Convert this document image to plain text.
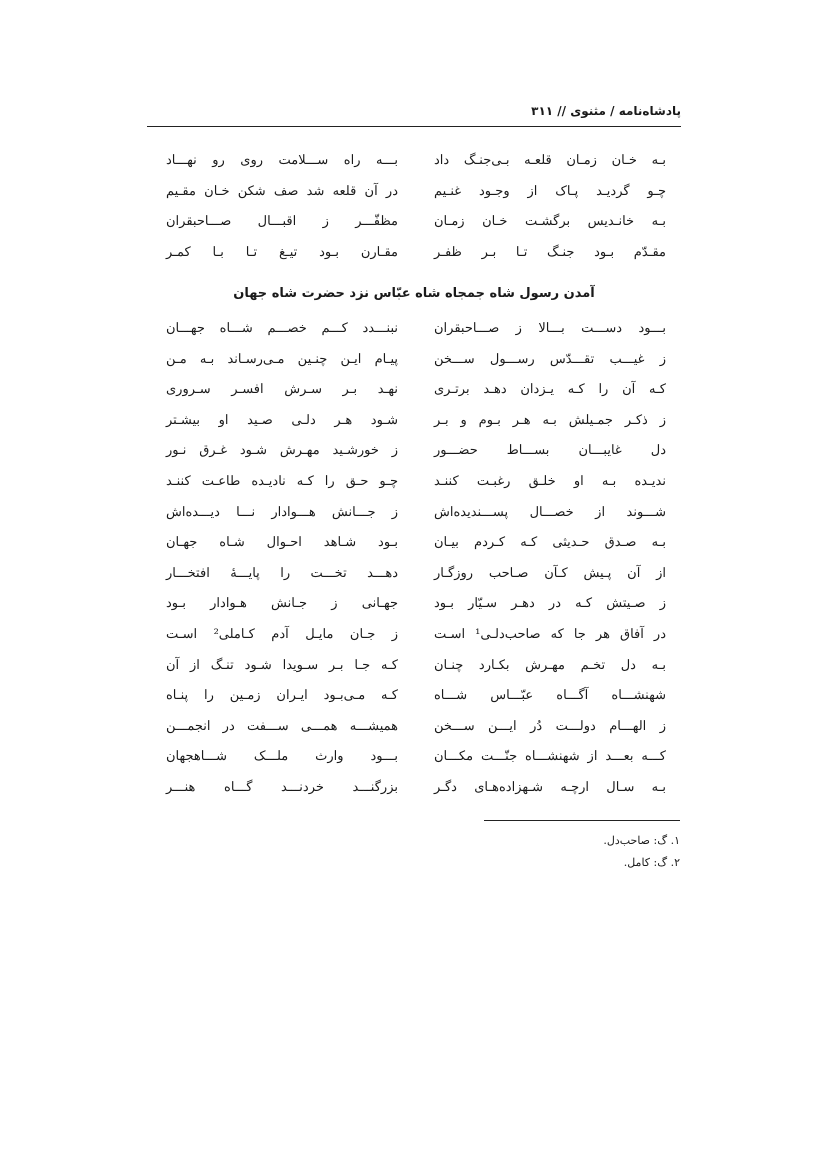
پادشاه‌نامه / مثنوی // ۳۱۱
بـه خـان زمـان قلعـه بـی‌جنـگ داد
بـــه راه ســـلامت روی رو نهـــاد
چـو گردیـد پـاک از وجـود غنـیم
در آن قلعه شد صف شکن خـان مقـیم
بـه خانـدیس برگشـت خـان زمـان
مظفّـــر ز اقبـــال صـــاحبقران
مقـدّم بـود جنـگ تـا بـر ظفـر
مقـارن بـود تیـغ تـا بـا کمـر
آمدن رسول شاه جمجاه شاه عبّاس نزد حضرت شاه جهان
بـــود دســـت بـــالا ز صـــاحبقران
نبنـــدد کـــم خصـــم شـــاه جهـــان
ز غیـــب تقـــدّس رســـول ســـخن
پیـام ایـن چنـین مـی‌رسـاند بـه مـن
کـه آن را کـه یـزدان دهـد برتـری
نهـد بـر سـرش افسـر سـروری
ز ذکـر جمـیلش بـه هـر بـوم و بـر
شـود هـر دلـی صـید او بیشـتر
دل غایبـــان بســـاط حضـــور
ز خورشـید مهـرش شـود غـرق نـور
ندیـده بـه او خلـق رغبـت کننـد
چـو حـق را کـه نادیـده طاعـت کننـد
شـــوند از خصـــال پســـندیده‌اش
ز جـــانش هـــوادار نـــا دیـــده‌اش
بـه صـدق حـدیثی کـه کـردم بیـان
بـود شـاهد احـوال شـاه جهـان
از آن پـیش کـآن صـاحب روزگـار
دهـــد تخـــت را پایـــهٔ افتخـــار
ز صـیتش کـه در دهـر سـیّار بـود
جهـانی ز جـانش هـوادار بـود
در آفاق هر جا که صاحب‌دلـی¹ اسـت
ز جـان مایـل آدم کـاملی² اسـت
بـه دل تخـم مهـرش بکـارد چنـان
کـه جـا بـر سـویدا شـود تنـگ از آن
شهنشـــاه آگـــاه عبّـــاس شـــاه
کـه مـی‌بـود ایـران زمـین را پنـاه
ز الهـــام دولـــت دُر ایـــن ســـخن
همیشـــه همـــی ســـفت در انجمـــن
کـــه بعـــد از شهنشـــاه جنّـــت مکـــان
بـــود وارث ملـــک شـــاهجهان
بـه سـال ارچـه شـهزاده‌هـای دگـر
بزرگنـــد خردنـــد گـــاه هنـــر
۱. گ: صاحب‌دل.
۲. گ: کامل.
